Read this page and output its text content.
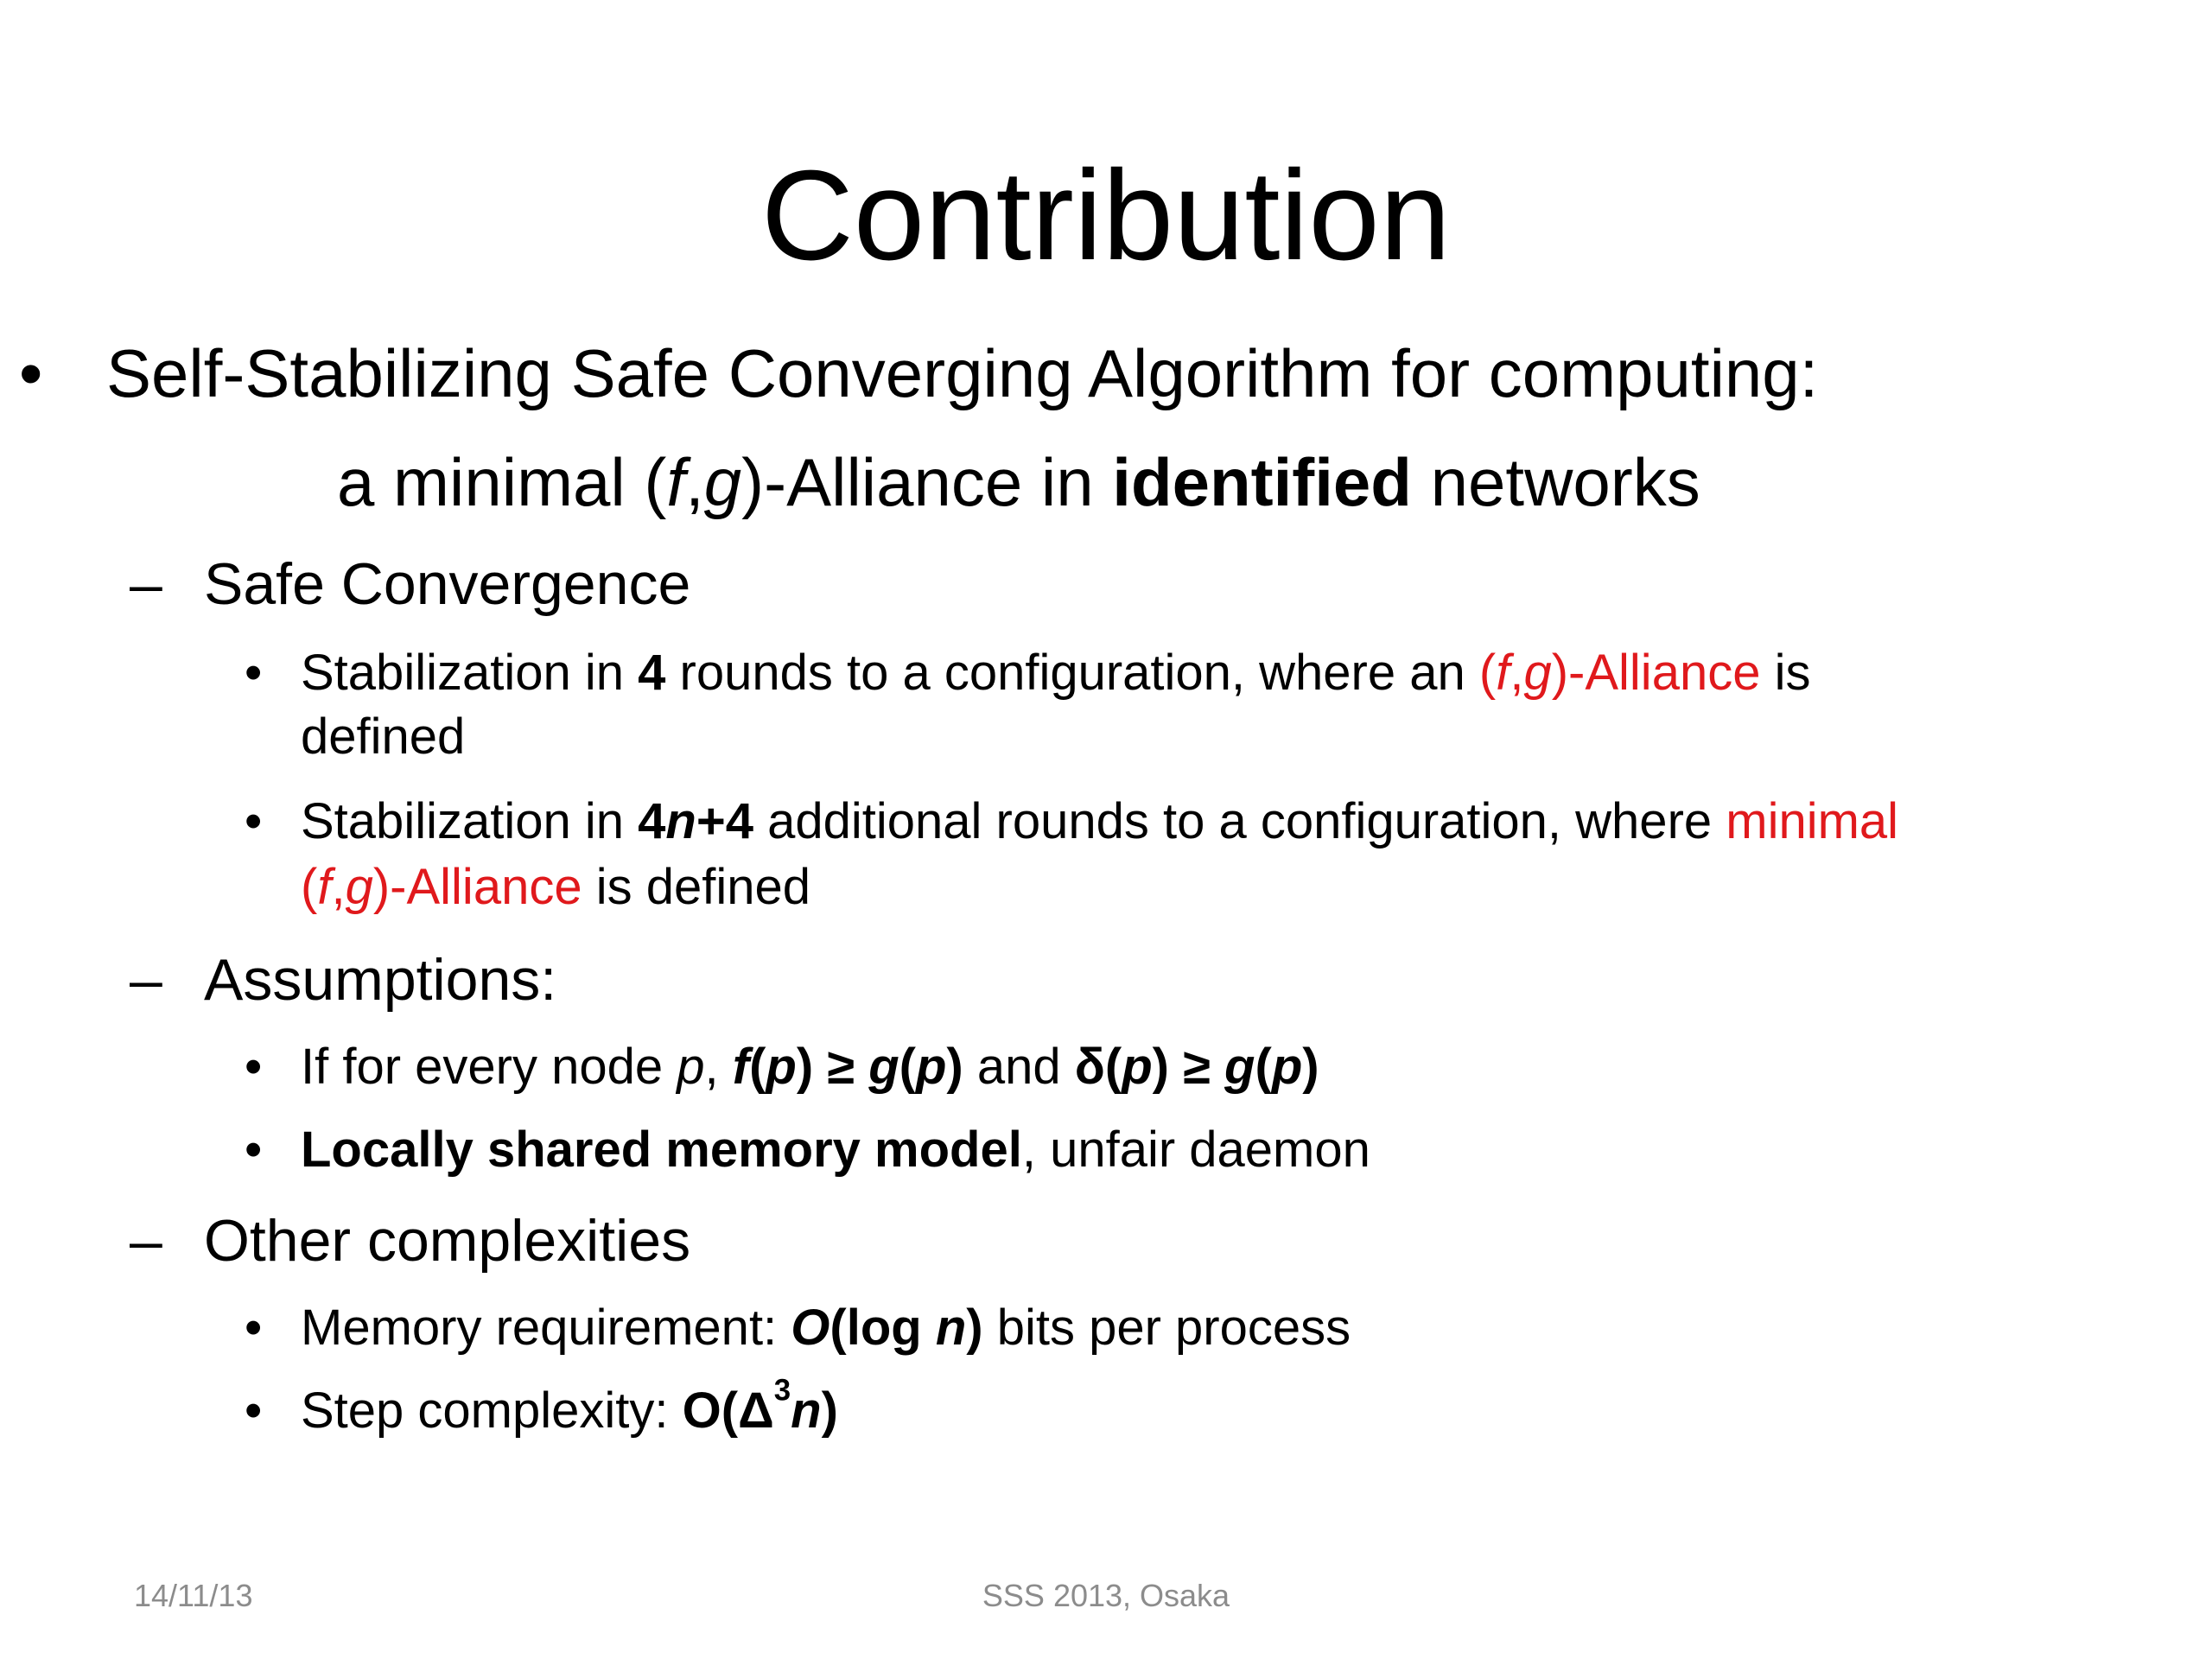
Contribution
• Self-Stabilizing Safe Converging Algorithm for computing:
a minimal (f,g)-Alliance in identified networks
– Safe Convergence
• Stabilization in 4 rounds to a configuration, where an (f,g)-Alliance is
defined
• Stabilization in 4n+4 additional rounds to a configuration, where minimal
(f,g)-Alliance is defined
– Assumptions:
• If for every node p, f(p) ≥ g(p) and δ(p) ≥ g(p)
• Locally shared memory model, unfair daemon
– Other complexities
• Memory requirement: O(log n) bits per process
• Step complexity: $O(\Delta^3n)$
14/11/13	SSS 2013, Osaka
